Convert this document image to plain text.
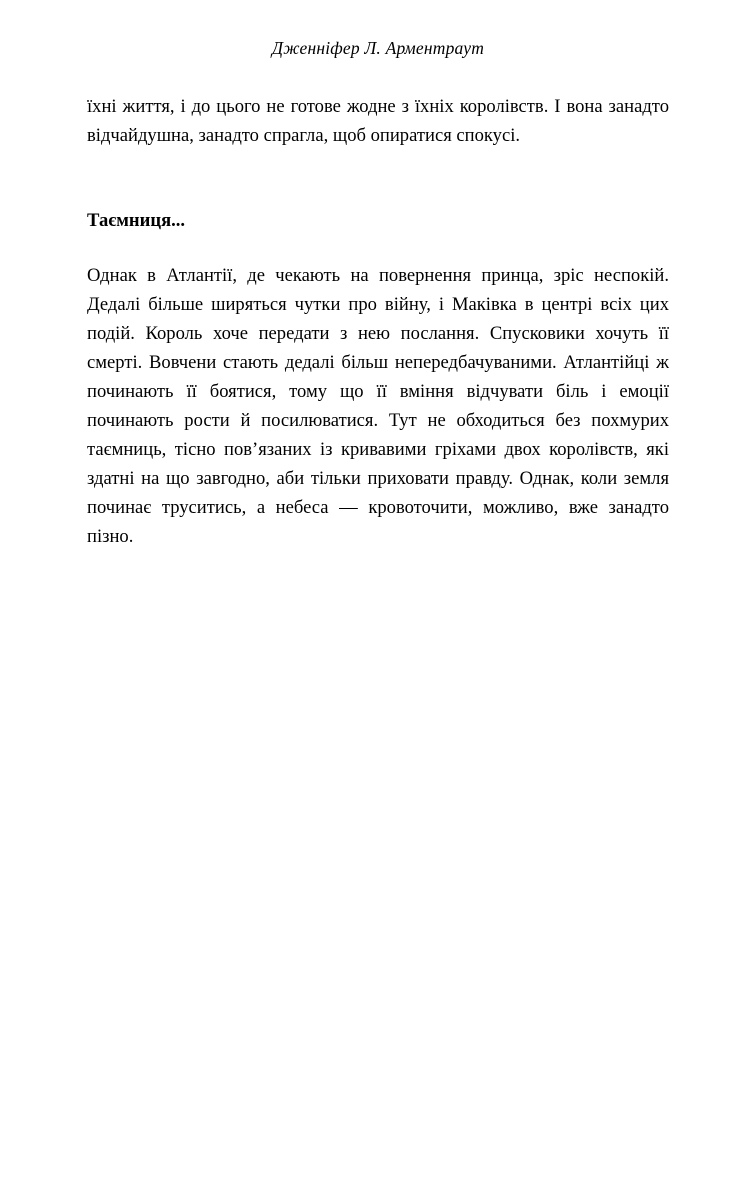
Дженніфер Л. Арментраут

їхні життя, і до цього не готове жодне з їхніх королівств. І вона занадто відчайдушна, занадто спрагла, щоб опиратися спокусі.

Таємниця...

Однак в Атлантії, де чекають на повернення принца, зріс неспокій. Дедалі більше ширяться чутки про війну, і Маківка в центрі всіх цих подій. Король хоче передати з нею послання. Спусковики хочуть її смерті. Вовчени стають дедалі більш непередбачуваними. Атлантійці ж починають її боятися, тому що її вміння відчувати біль і емоції починають рости й посилюватися. Тут не обходиться без похмурих таємниць, тісно пов’язаних із кривавими гріхами двох королівств, які здатні на що завгодно, аби тільки приховати правду. Однак, коли земля починає труситись, а небеса — кровоточити, можливо, вже занадто пізно.
